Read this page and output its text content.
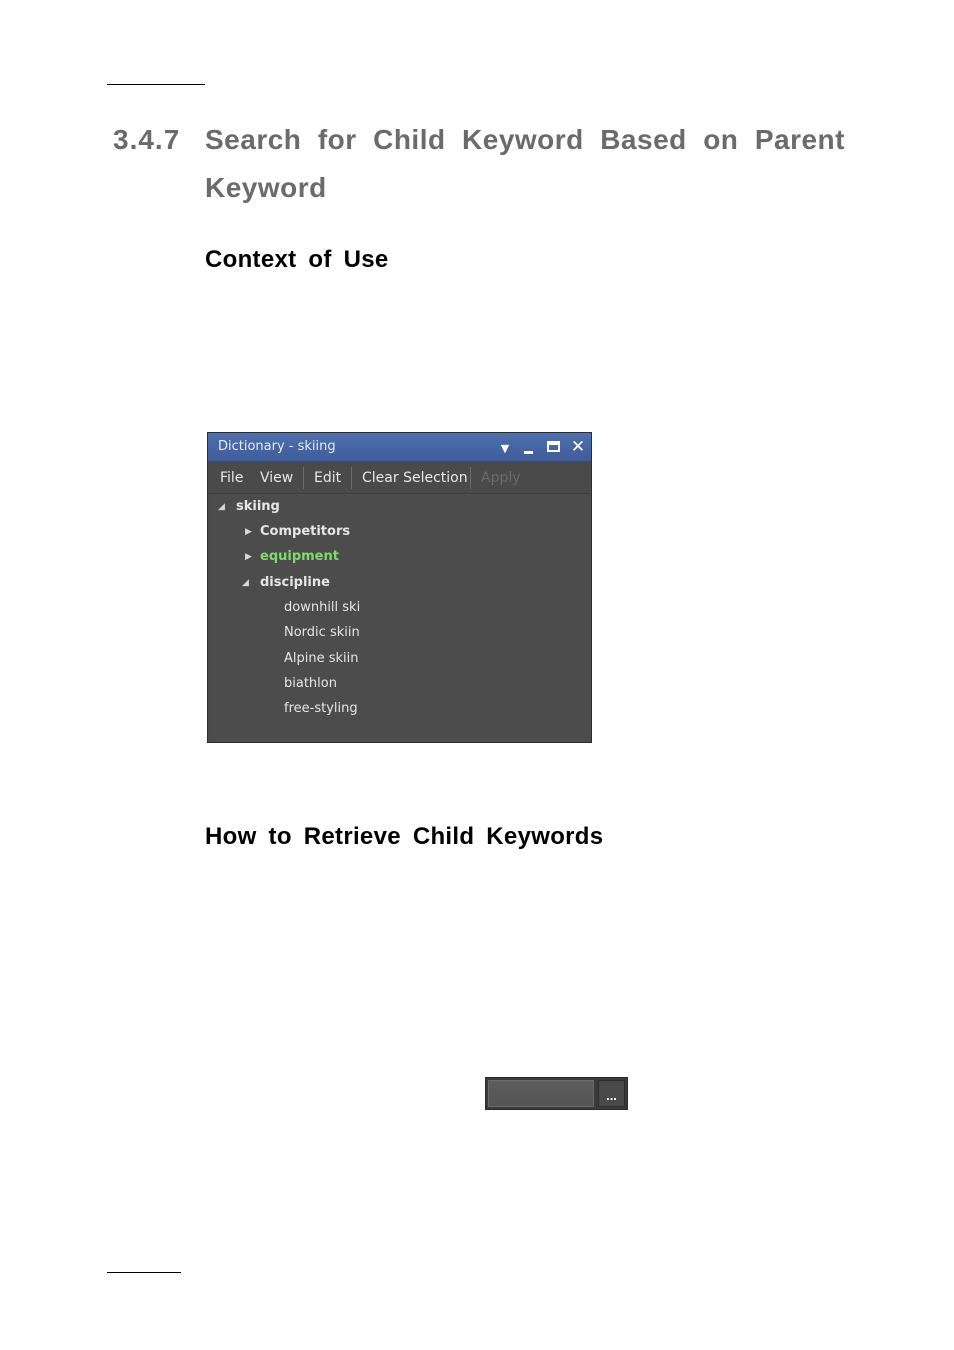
3.4.7 Search for Child Keyword Based on Parent
Keyword
Context of Use
Dictionary - skiing	▼	✕
File View Edit Clear Selection Apply
◢ skiing
▶ Competitors
▶ equipment
◢ discipline
downhill ski
Nordic skiin
Alpine skiin
biathlon
free-styling
How to Retrieve Child Keywords
...
